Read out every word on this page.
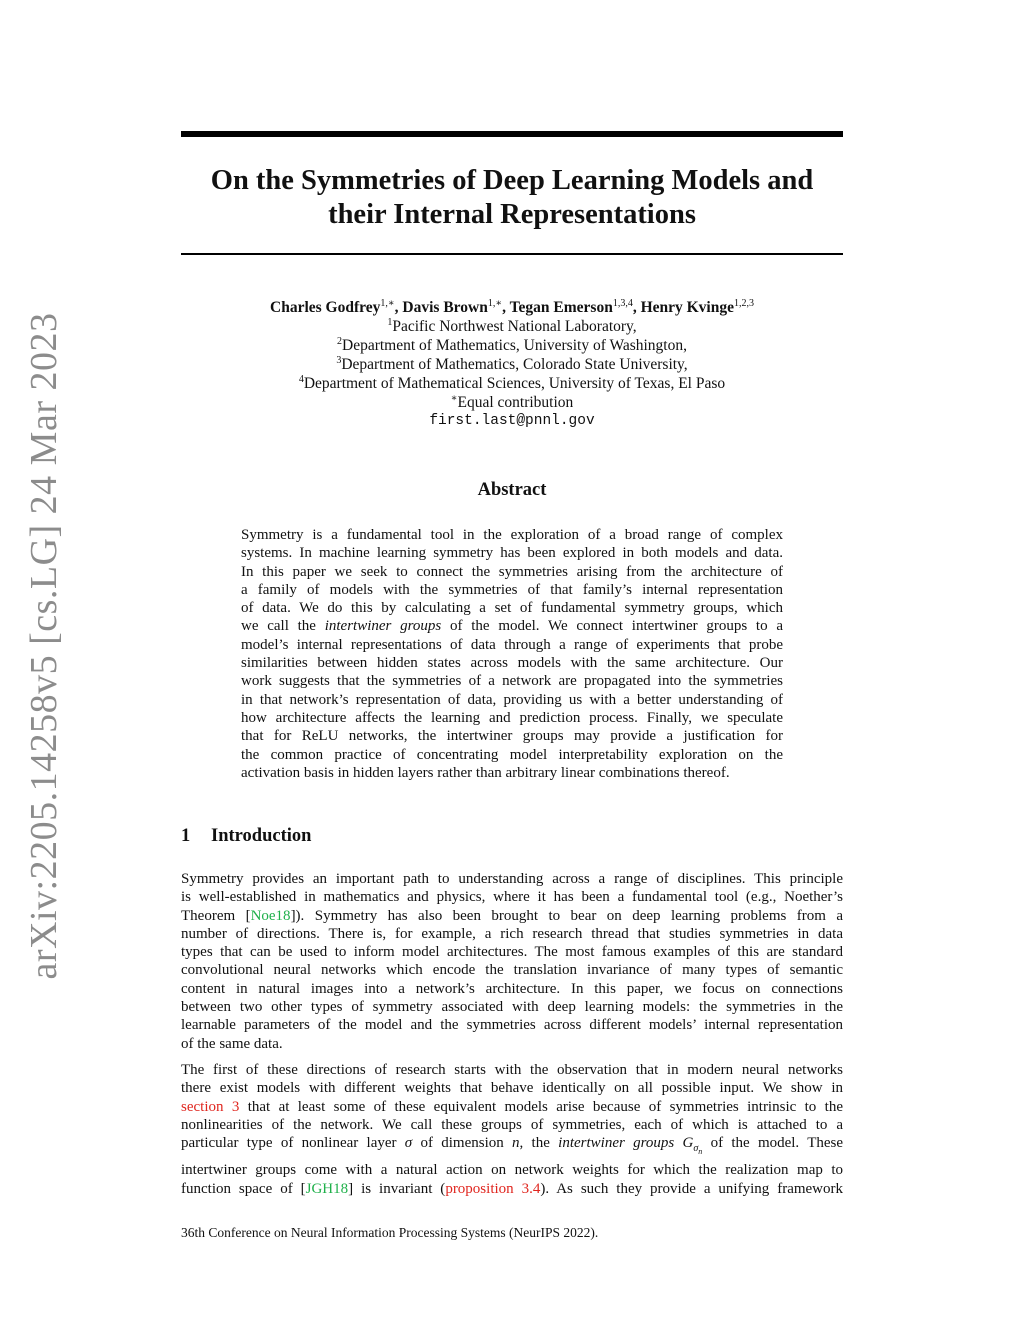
arXiv:2205.14258v5 [cs.LG] 24 Mar 2023
On the Symmetries of Deep Learning Models and
their Internal Representations
Charles Godfrey$^{1,∗}$, Davis Brown$^{1,∗}$, Tegan Emerson$^{1,3,4}$, Henry Kvinge$^{1,2,3}$
$^1$Pacific Northwest National Laboratory,
$^2$Department of Mathematics, University of Washington,
$^3$Department of Mathematics, Colorado State University,
$^4$Department of Mathematical Sciences, University of Texas, El Paso
∗Equal contribution
first.last@pnnl.gov
Abstract
Symmetry is a fundamental tool in the exploration of a broad range of complex
systems. In machine learning symmetry has been explored in both models and data.
In this paper we seek to connect the symmetries arising from the architecture of
a family of models with the symmetries of that family’s internal representation
of data. We do this by calculating a set of fundamental symmetry groups, which
we call the intertwiner groups of the model. We connect intertwiner groups to a
model’s internal representations of data through a range of experiments that probe
similarities between hidden states across models with the same architecture. Our
work suggests that the symmetries of a network are propagated into the symmetries
in that network’s representation of data, providing us with a better understanding of
how architecture affects the learning and prediction process. Finally, we speculate
that for ReLU networks, the intertwiner groups may provide a justification for
the common practice of concentrating model interpretability exploration on the
activation basis in hidden layers rather than arbitrary linear combinations thereof.
1 Introduction
Symmetry provides an important path to understanding across a range of disciplines. This principle
is well-established in mathematics and physics, where it has been a fundamental tool (e.g., Noether’s
Theorem [Noe18]). Symmetry has also been brought to bear on deep learning problems from a
number of directions. There is, for example, a rich research thread that studies symmetries in data
types that can be used to inform model architectures. The most famous examples of this are standard
convolutional neural networks which encode the translation invariance of many types of semantic
content in natural images into a network’s architecture. In this paper, we focus on connections
between two other types of symmetry associated with deep learning models: the symmetries in the
learnable parameters of the model and the symmetries across different models’ internal representation
of the same data.
The first of these directions of research starts with the observation that in modern neural networks
there exist models with different weights that behave identically on all possible input. We show in
section 3 that at least some of these equivalent models arise because of symmetries intrinsic to the
nonlinearities of the network. We call these groups of symmetries, each of which is attached to a
particular type of nonlinear layer σ of dimension n, the intertwiner groups $G_{\sigma_n}$ of the model. These
intertwiner groups come with a natural action on network weights for which the realization map to
function space of [JGH18] is invariant (proposition 3.4). As such they provide a unifying framework
36th Conference on Neural Information Processing Systems (NeurIPS 2022).
